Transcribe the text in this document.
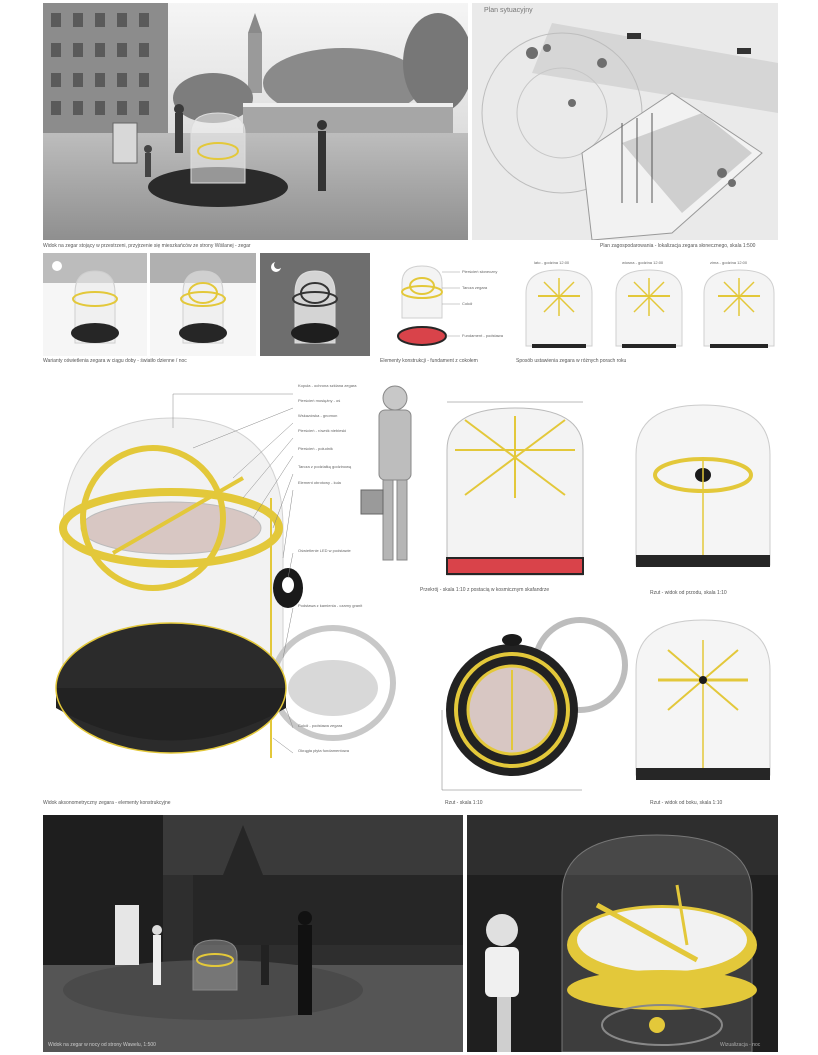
Widok na zegar stojący w przestrzeni, przyjrzenie się mieszkańców ze strony Wiślanej - zegar
Plan sytuacyjny
Plan zagospodarowania - lokalizacja zegara słonecznego, skala 1:500
Warianty oświetlenia zegara w ciągu doby - światło dzienne / noc
Pierścień słoneczny
Tarcza zegara
Cokół
Fundament - podstawa
Elementy konstrukcji - fundament z cokołem
lato - godzina 12:00	wiosna - godzina 12:00	zima - godzina 12:00
Sposób ustawienia zegara w różnych porach roku
Kopuła - ochrona szklana zegara
Pierścień mosiężny - oś
Wskazówka - gnomon
Pierścień - równik niebieski
Pierścień - południk
Tarcza z podziałką godzinową
Element obrotowy - kula
Oświetlenie LED w podstawie
Podstawa z kamienia - czarny granit
Cokół - podstawa zegara
Okrągła płyta fundamentowa
Widok aksonometryczny zegara - elementy konstrukcyjne
Przekrój - skala 1:10 z postacią w kosmicznym skafandrze	Rzut - widok od przodu, skala 1:10
Rzut - skala 1:10	Rzut - widok od boku, skala 1:10
Widok na zegar w nocy od strony Wawelu, 1:500	Wizualizacja - noc
